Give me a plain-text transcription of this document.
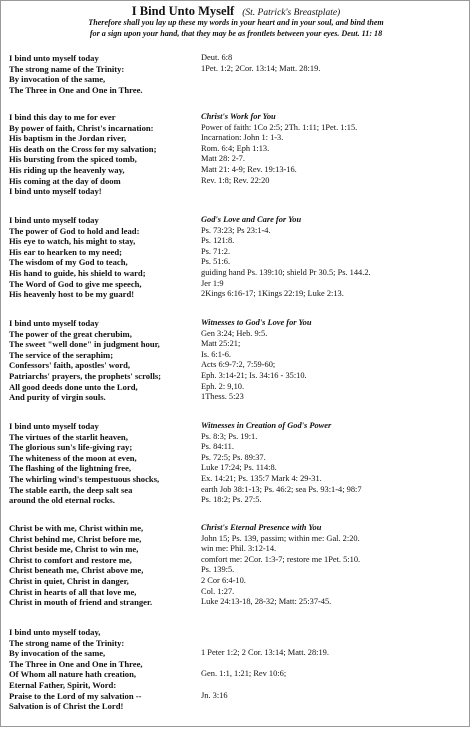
I Bind Unto Myself (St. Patrick's Breastplate)
Therefore shall you lay up these my words in your heart and in your soul, and bind them
for a sign upon your hand, that they may be as frontlets between your eyes. Deut. 11: 18
I bind unto myself today
The strong name of the Trinity:
By invocation of the same,
The Three in One and One in Three.
Deut. 6:8
1Pet. 1:2; 2Cor. 13:14; Matt. 28:19.
I bind this day to me for ever
By power of faith, Christ's incarnation:
His baptism in the Jordan river,
His death on the Cross for my salvation;
His bursting from the spiced tomb,
His riding up the heavenly way,
His coming at the day of doom
I bind unto myself today!
Christ's Work for You
Power of faith: 1Co 2:5; 2Th. 1:11; 1Pet. 1:15.
Incarnation: John 1: 1-3.
Rom. 6:4; Eph 1:13.
Matt 28: 2-7.
Matt 21: 4-9; Rev. 19:13-16.
Rev. 1:8; Rev. 22:20
I bind unto myself today
The power of God to hold and lead:
His eye to watch, his might to stay,
His ear to hearken to my need;
The wisdom of my God to teach,
His hand to guide, his shield to ward;
The Word of God to give me speech,
His heavenly host to be my guard!
God's Love and Care for You
Ps. 73:23; Ps 23:1-4.
Ps. 121:8.
Ps. 71:2.
Ps. 51:6.
guiding hand Ps. 139:10; shield Pr 30.5; Ps. 144.2.
Jer 1:9
2Kings 6:16-17; 1Kings 22:19; Luke 2:13.
I bind unto myself today
The power of the great cherubim,
The sweet "well done" in judgment hour,
The service of the seraphim;
Confessors' faith, apostles' word,
Patriarchs' prayers, the prophets' scrolls;
All good deeds done unto the Lord,
And purity of virgin souls.
Witnesses to God's Love for You
Gen 3:24; Heb. 9:5.
Matt 25:21;
Is. 6:1-6.
Acts 6:9-7:2, 7:59-60;
Eph. 3:14-21; Is. 34:16 - 35:10.
Eph. 2: 9,10.
1Thess. 5:23
I bind unto myself today
The virtues of the starlit heaven,
The glorious sun's life-giving ray;
The whiteness of the moon at even,
The flashing of the lightning free,
The whirling wind's tempestuous shocks,
The stable earth, the deep salt sea
around the old eternal rocks.
Witnesses in Creation of God's Power
Ps. 8:3; Ps. 19:1.
Ps. 84:11.
Ps. 72:5; Ps. 89:37.
Luke 17:24; Ps. 114:8.
Ex. 14:21; Ps. 135:7 Mark 4: 29-31.
earth Job 38:1-13; Ps. 46:2; sea Ps. 93:1-4; 98:7
Ps. 18:2; Ps. 27:5.
Christ be with me, Christ within me,
Christ behind me, Christ before me,
Christ beside me, Christ to win me,
Christ to comfort and restore me,
Christ beneath me, Christ above me,
Christ in quiet, Christ in danger,
Christ in hearts of all that love me,
Christ in mouth of friend and stranger.
Christ's Eternal Presence with You
John 15; Ps. 139, passim; within me: Gal. 2:20.
win me: Phil. 3:12-14.
comfort me: 2Cor. 1:3-7; restore me 1Pet. 5:10.
Ps. 139:5.
2 Cor 6:4-10.
Col. 1:27.
Luke 24:13-18, 28-32; Matt: 25:37-45.
I bind unto myself today,
The strong name of the Trinity:
By invocation of the same,
The Three in One and One in Three,
Of Whom all nature hath creation,
Eternal Father, Spirit, Word:
Praise to the Lord of my salvation --
Salvation is of Christ the Lord!
1 Peter 1:2; 2 Cor. 13:14; Matt. 28:19.
Gen. 1:1, 1:21; Rev 10:6;
Jn. 3:16
